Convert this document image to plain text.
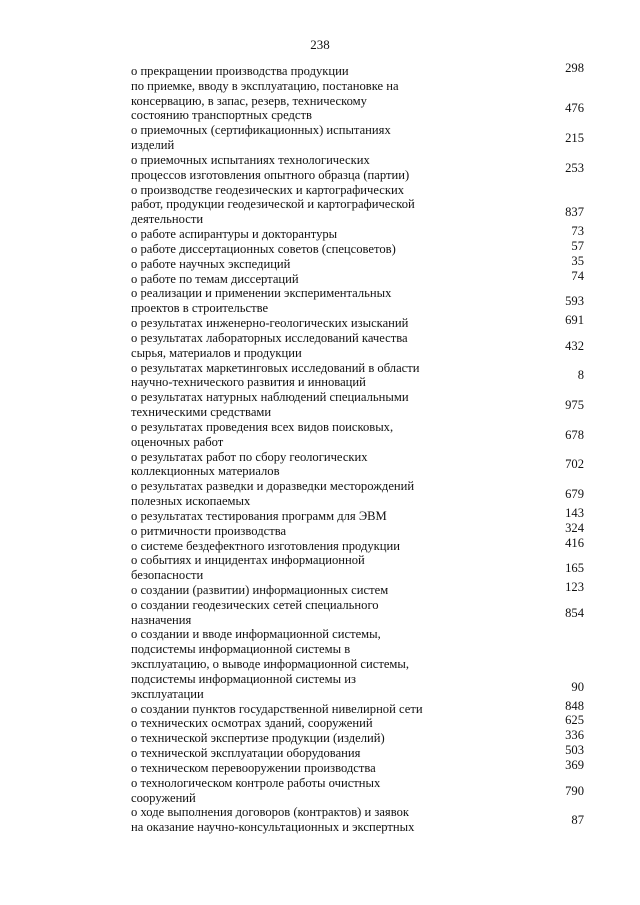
238
о прекращении производства продукции	298
по приемке, вводу в эксплуатацию, постановке на
консервацию, в запас, резерв, техническому
состоянию транспортных средств	476
о приемочных (сертификационных) испытаниях
изделий	215
о приемочных испытаниях технологических
процессов изготовления опытного образца (партии)	253
о производстве геодезических и картографических
работ, продукции геодезической и картографической
деятельности	837
о работе аспирантуры и докторантуры	73
о работе диссертационных советов (спецсоветов)	57
о работе научных экспедиций	35
о работе по темам диссертаций	74
о реализации и применении экспериментальных
проектов в строительстве	593
о результатах инженерно-геологических изысканий	691
о результатах лабораторных исследований качества
сырья, материалов и продукции	432
о результатах маркетинговых исследований в области
научно-технического развития и инноваций	8
о результатах натурных наблюдений специальными
техническими средствами	975
о результатах проведения всех видов поисковых,
оценочных работ	678
о результатах работ по сбору геологических
коллекционных материалов	702
о результатах разведки и доразведки месторождений
полезных ископаемых	679
о результатах тестирования программ для ЭВМ	143
о ритмичности производства	324
о системе бездефектного изготовления продукции	416
о событиях и инцидентах информационной
безопасности	165
о создании (развитии) информационных систем	123
о создании геодезических сетей специального
назначения	854
о создании и вводе информационной системы,
подсистемы информационной системы в
эксплуатацию, о выводе информационной системы,
подсистемы информационной системы из
эксплуатации	90
о создании пунктов государственной нивелирной сети	848
о технических осмотрах зданий, сооружений	625
о технической экспертизе продукции (изделий)	336
о технической эксплуатации оборудования	503
о техническом перевооружении производства	369
о технологическом контроле работы очистных
сооружений	790
о ходе выполнения договоров (контрактов) и заявок
на оказание научно-консультационных и экспертных	87
